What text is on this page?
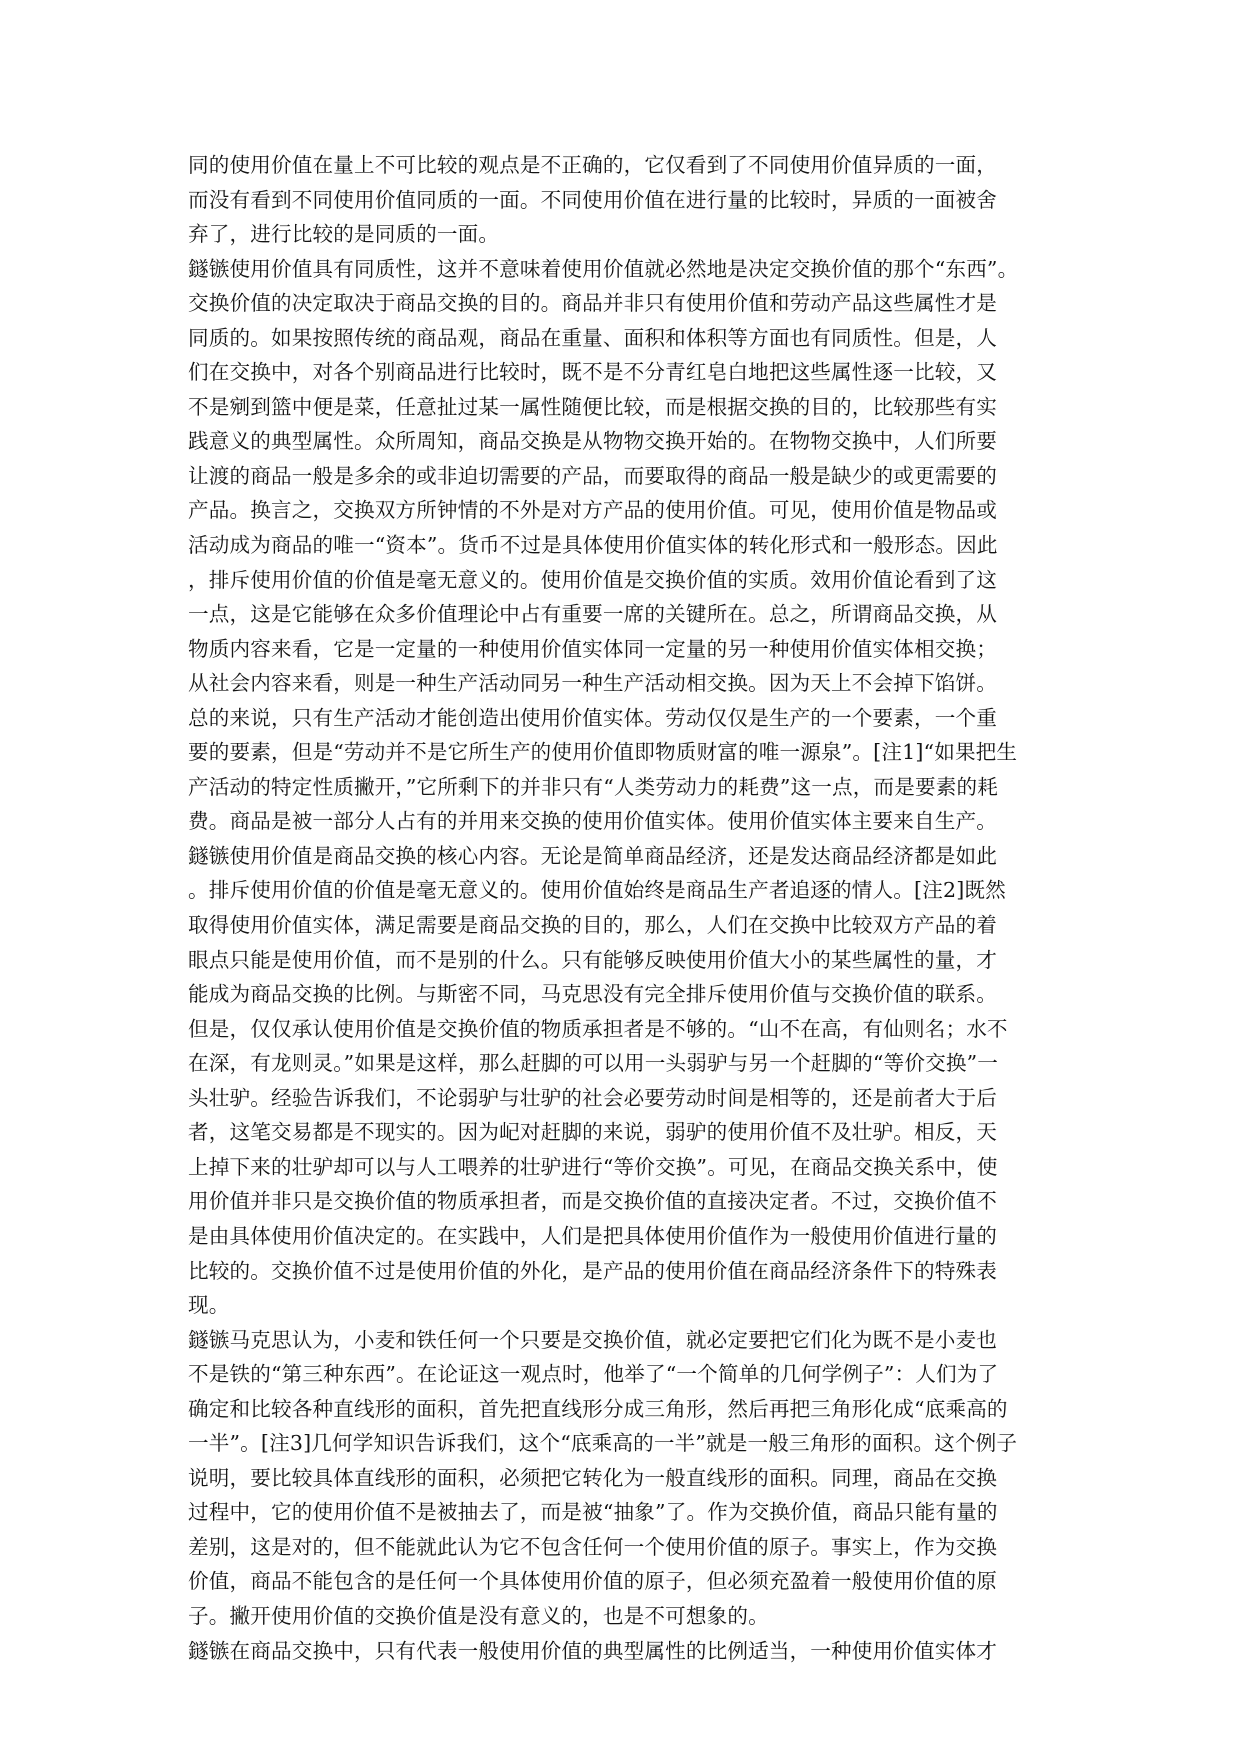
同的使用价值在量上不可比较的观点是不正确的，它仅看到了不同使用价值异质的一面，
而没有看到不同使用价值同质的一面。不同使用价值在进行量的比较时，异质的一面被舍
弃了，进行比较的是同质的一面。
鐩镞使用价值具有同质性，这并不意味着使用价值就必然地是决定交换价值的那个“东西”。
交换价值的决定取决于商品交换的目的。商品并非只有使用价值和劳动产品这些属性才是
同质的。如果按照传统的商品观，商品在重量、面积和体积等方面也有同质性。但是，人
们在交换中，对各个别商品进行比较时，既不是不分青红皂白地把这些属性逐一比较，又
不是剜到篮中便是菜，任意扯过某一属性随便比较，而是根据交换的目的，比较那些有实
践意义的典型属性。众所周知，商品交换是从物物交换开始的。在物物交换中，人们所要
让渡的商品一般是多余的或非迫切需要的产品，而要取得的商品一般是缺少的或更需要的
产品。换言之，交换双方所钟情的不外是对方产品的使用价值。可见，使用价值是物品或
活动成为商品的唯一“资本”。货币不过是具体使用价值实体的转化形式和一般形态。因此
，排斥使用价值的价值是毫无意义的。使用价值是交换价值的实质。效用价值论看到了这
一点，这是它能够在众多价值理论中占有重要一席的关键所在。总之，所谓商品交换，从
物质内容来看，它是一定量的一种使用价值实体同一定量的另一种使用价值实体相交换；
从社会内容来看，则是一种生产活动同另一种生产活动相交换。因为天上不会掉下馅饼。
总的来说，只有生产活动才能创造出使用价值实体。劳动仅仅是生产的一个要素，一个重
要的要素，但是“劳动并不是它所生产的使用价值即物质财富的唯一源泉”。[注1]“如果把生
产活动的特定性质撇开，”它所剩下的并非只有“人类劳动力的耗费”这一点，而是要素的耗
费。商品是被一部分人占有的并用来交换的使用价值实体。使用价值实体主要来自生产。
鐩镞使用价值是商品交换的核心内容。无论是简单商品经济，还是发达商品经济都是如此
。排斥使用价值的价值是毫无意义的。使用价值始终是商品生产者追逐的情人。[注2]既然
取得使用价值实体，满足需要是商品交换的目的，那么，人们在交换中比较双方产品的着
眼点只能是使用价值，而不是别的什么。只有能够反映使用价值大小的某些属性的量，才
能成为商品交换的比例。与斯密不同，马克思没有完全排斥使用价值与交换价值的联系。
但是，仅仅承认使用价值是交换价值的物质承担者是不够的。“山不在高，有仙则名；水不
在深，有龙则灵。”如果是这样，那么赶脚的可以用一头弱驴与另一个赶脚的“等价交换”一
头壮驴。经验告诉我们，不论弱驴与壮驴的社会必要劳动时间是相等的，还是前者大于后
者，这笔交易都是不现实的。因为屺对赶脚的来说，弱驴的使用价值不及壮驴。相反，天
上掉下来的壮驴却可以与人工喂养的壮驴进行“等价交换”。可见，在商品交换关系中，使
用价值并非只是交换价值的物质承担者，而是交换价值的直接决定者。不过，交换价值不
是由具体使用价值决定的。在实践中，人们是把具体使用价值作为一般使用价值进行量的
比较的。交换价值不过是使用价值的外化，是产品的使用价值在商品经济条件下的特殊表
现。
鐩镞马克思认为，小麦和铁任何一个只要是交换价值，就必定要把它们化为既不是小麦也
不是铁的“第三种东西”。在论证这一观点时，他举了“一个简单的几何学例子”：人们为了
确定和比较各种直线形的面积，首先把直线形分成三角形，然后再把三角形化成“底乘高的
一半”。[注3]几何学知识告诉我们，这个“底乘高的一半”就是一般三角形的面积。这个例子
说明，要比较具体直线形的面积，必须把它转化为一般直线形的面积。同理，商品在交换
过程中，它的使用价值不是被抽去了，而是被“抽象”了。作为交换价值，商品只能有量的
差别，这是对的，但不能就此认为它不包含任何一个使用价值的原子。事实上，作为交换
价值，商品不能包含的是任何一个具体使用价值的原子，但必须充盈着一般使用价值的原
子。撇开使用价值的交换价值是没有意义的，也是不可想象的。
鐩镞在商品交换中，只有代表一般使用价值的典型属性的比例适当，一种使用价值实体才
